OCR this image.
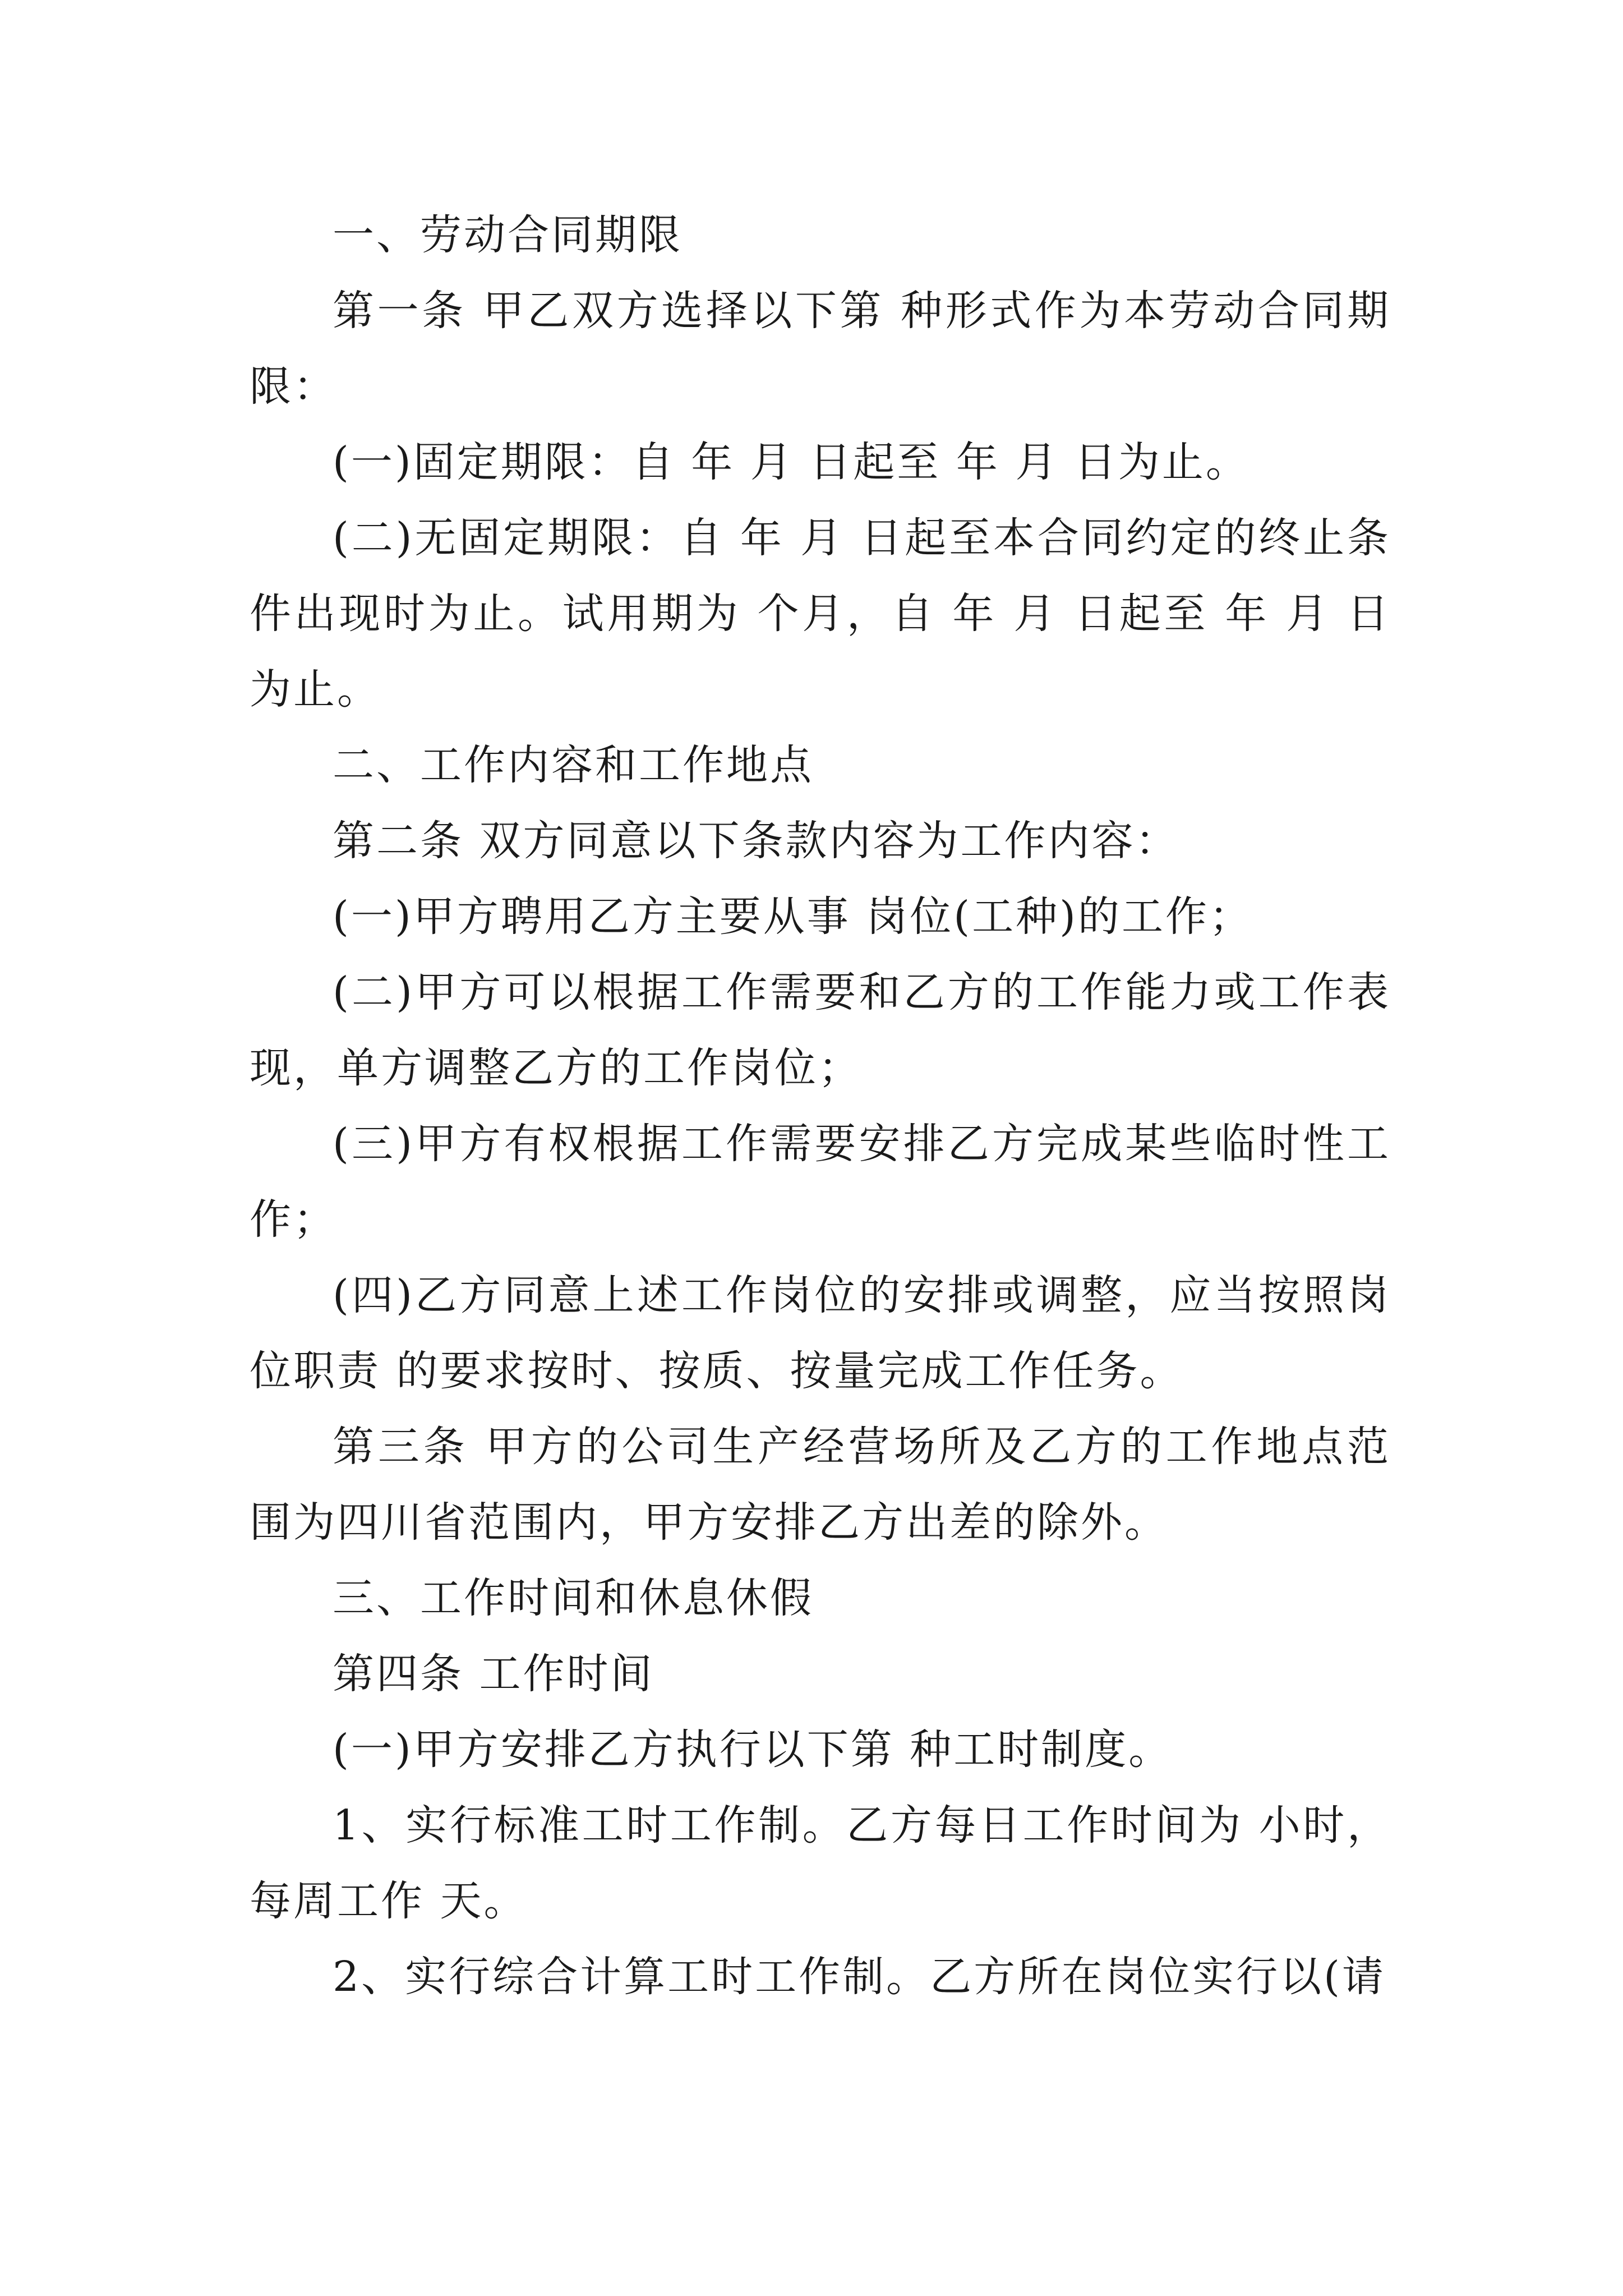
一、劳动合同期限

第一条 甲乙双方选择以下第 种形式作为本劳动合同期限：

(一)固定期限：自 年 月 日起至 年 月 日为止。

(二)无固定期限：自 年 月 日起至本合同约定的终止条件出现时为止。试用期为 个月，自 年 月 日起至 年 月 日为止。

二、工作内容和工作地点

第二条 双方同意以下条款内容为工作内容：

(一)甲方聘用乙方主要从事 岗位(工种)的工作；

(二)甲方可以根据工作需要和乙方的工作能力或工作表现，单方调整乙方的工作岗位；

(三)甲方有权根据工作需要安排乙方完成某些临时性工作；

(四)乙方同意上述工作岗位的安排或调整，应当按照岗位职责 的要求按时、按质、按量完成工作任务。

第三条 甲方的公司生产经营场所及乙方的工作地点范围为四川省范围内，甲方安排乙方出差的除外。

三、工作时间和休息休假

第四条 工作时间

(一)甲方安排乙方执行以下第 种工时制度。

1、实行标准工时工作制。乙方每日工作时间为 小时，每周工作 天。

2、实行综合计算工时工作制。乙方所在岗位实行以(请
